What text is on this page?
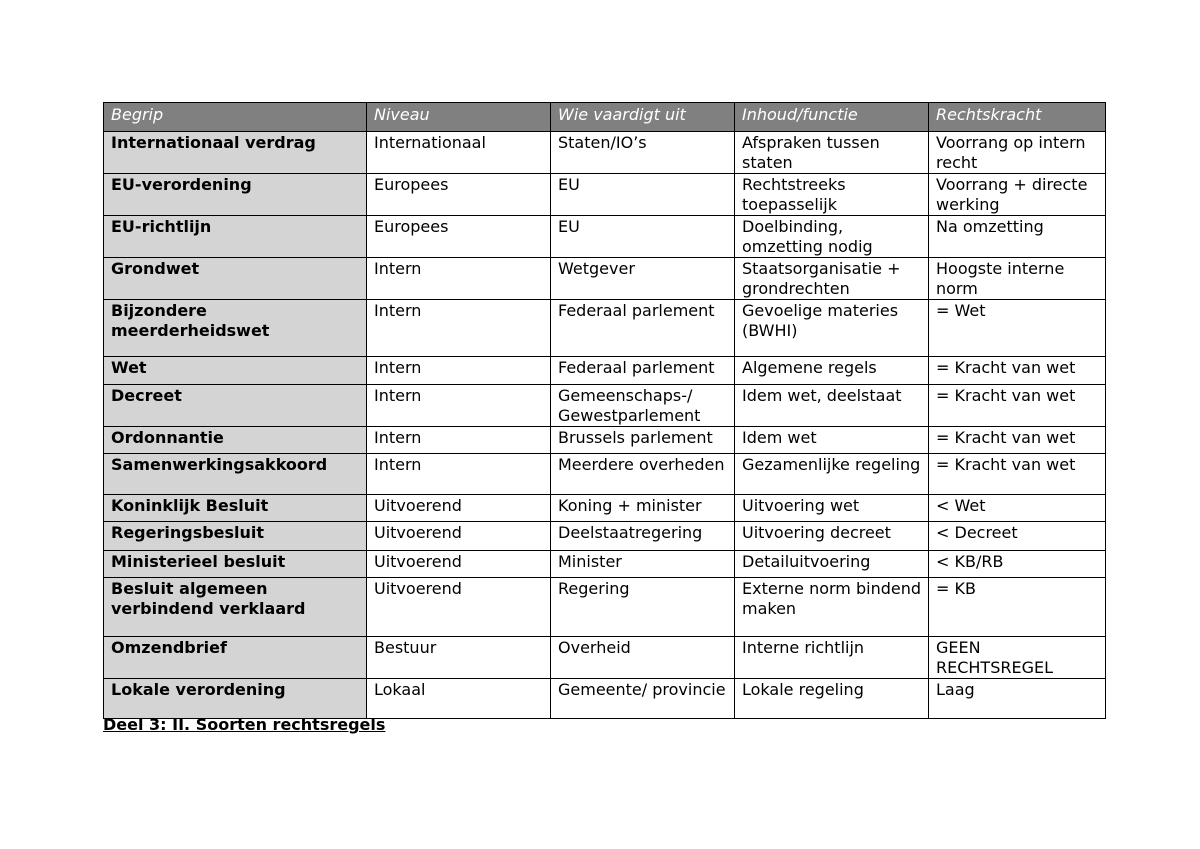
Begrip	Niveau	Wie vaardigt uit	Inhoud/functie	Rechtskracht
Internationaal verdrag	Internationaal	Staten/IO’s	Afspraken tussen staten	Voorrang op intern recht
EU-verordening	Europees	EU	Rechtstreeks toepasselijk	Voorrang + directe werking
EU-richtlijn	Europees	EU	Doelbinding, omzetting nodig	Na omzetting
Grondwet	Intern	Wetgever	Staatsorganisatie + grondrechten	Hoogste interne norm
Bijzondere meerderheidswet	Intern	Federaal parlement	Gevoelige materies (BWHI)	= Wet
Wet	Intern	Federaal parlement	Algemene regels	= Kracht van wet
Decreet	Intern	Gemeenschaps-/ Gewestparlement	Idem wet, deelstaat	= Kracht van wet
Ordonnantie	Intern	Brussels parlement	Idem wet	= Kracht van wet
Samenwerkingsakkoord	Intern	Meerdere overheden	Gezamenlijke regeling	= Kracht van wet
Koninklijk Besluit	Uitvoerend	Koning + minister	Uitvoering wet	< Wet
Regeringsbesluit	Uitvoerend	Deelstaatregering	Uitvoering decreet	< Decreet
Ministerieel besluit	Uitvoerend	Minister	Detailuitvoering	< KB/RB
Besluit algemeen verbindend verklaard	Uitvoerend	Regering	Externe norm bindend maken	= KB
Omzendbrief	Bestuur	Overheid	Interne richtlijn	GEEN RECHTSREGEL
Lokale verordening	Lokaal	Gemeente/ provincie	Lokale regeling	Laag

Deel 3: II. Soorten rechtsregels
